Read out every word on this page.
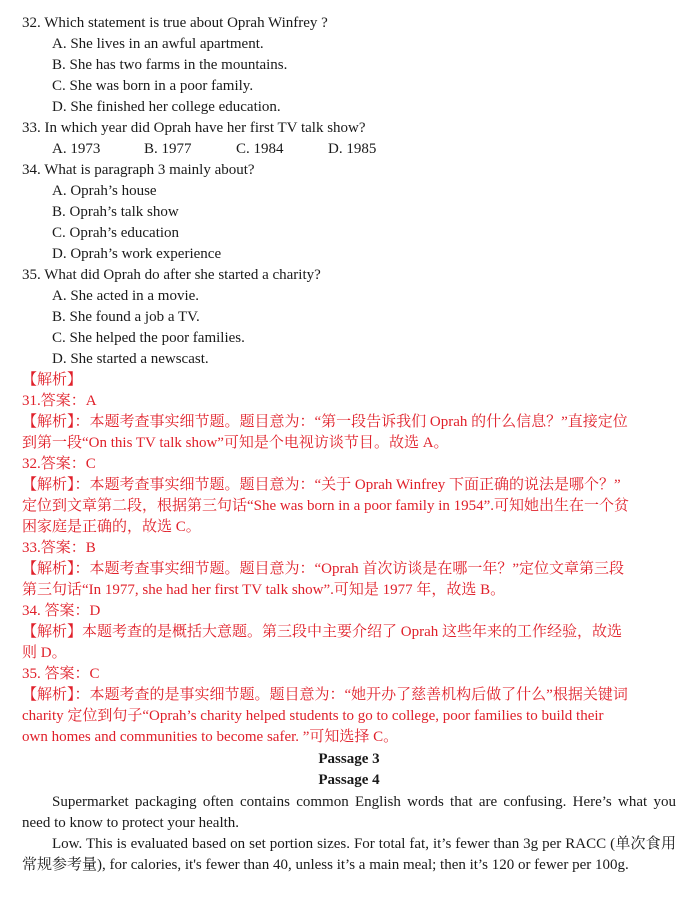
32. Which statement is true about Oprah Winfrey ?
A. She lives in an awful apartment.
B. She has two farms in the mountains.
C. She was born in a poor family.
D. She finished her college education.
33. In which year did Oprah have her first TV talk show?
A. 1973	B. 1977	C. 1984	D. 1985
34. What is paragraph 3 mainly about?
A. Oprah’s house
B. Oprah’s talk show
C. Oprah’s education
D. Oprah’s work experience
35. What did Oprah do after she started a charity?
A. She acted in a movie.
B. She found a job a TV.
C. She helped the poor families.
D. She started a newscast.
【解析】
31.答案：A
【解析】：本题考查事实细节题。题目意为：“第一段告诉我们 Oprah 的什么信息？”直接定位
到第一段“On this TV talk show”可知是个电视访谈节目。故选 A。
32.答案：C
【解析】：本题考查事实细节题。题目意为：“关于 Oprah Winfrey 下面正确的说法是哪个？”
定位到文章第二段，根据第三句话“She was born in a poor family in 1954”.可知她出生在一个贫
困家庭是正确的，故选 C。
33.答案：B
【解析】：本题考查事实细节题。题目意为：“Oprah 首次访谈是在哪一年？”定位文章第三段
第三句话“In 1977, she had her first TV talk show”.可知是 1977 年，故选 B。
34. 答案：D
【解析】本题考查的是概括大意题。第三段中主要介绍了 Oprah 这些年来的工作经验，故选
则 D。
35. 答案：C
【解析】：本题考查的是事实细节题。题目意为：“她开办了慈善机构后做了什么”根据关键词
charity 定位到句子“Oprah’s charity helped students to go to college, poor families to build their
own homes and communities to become safer. ”可知选择 C。
Passage 3
Passage 4
Supermarket packaging often contains common English words that are confusing. Here’s what you need to know to protect your health.
Low. This is evaluated based on set portion sizes. For total fat, it’s fewer than 3g per RACC (单次食用常规参考量), for calories, it's fewer than 40, unless it’s a main meal; then it’s 120 or fewer per 100g.
